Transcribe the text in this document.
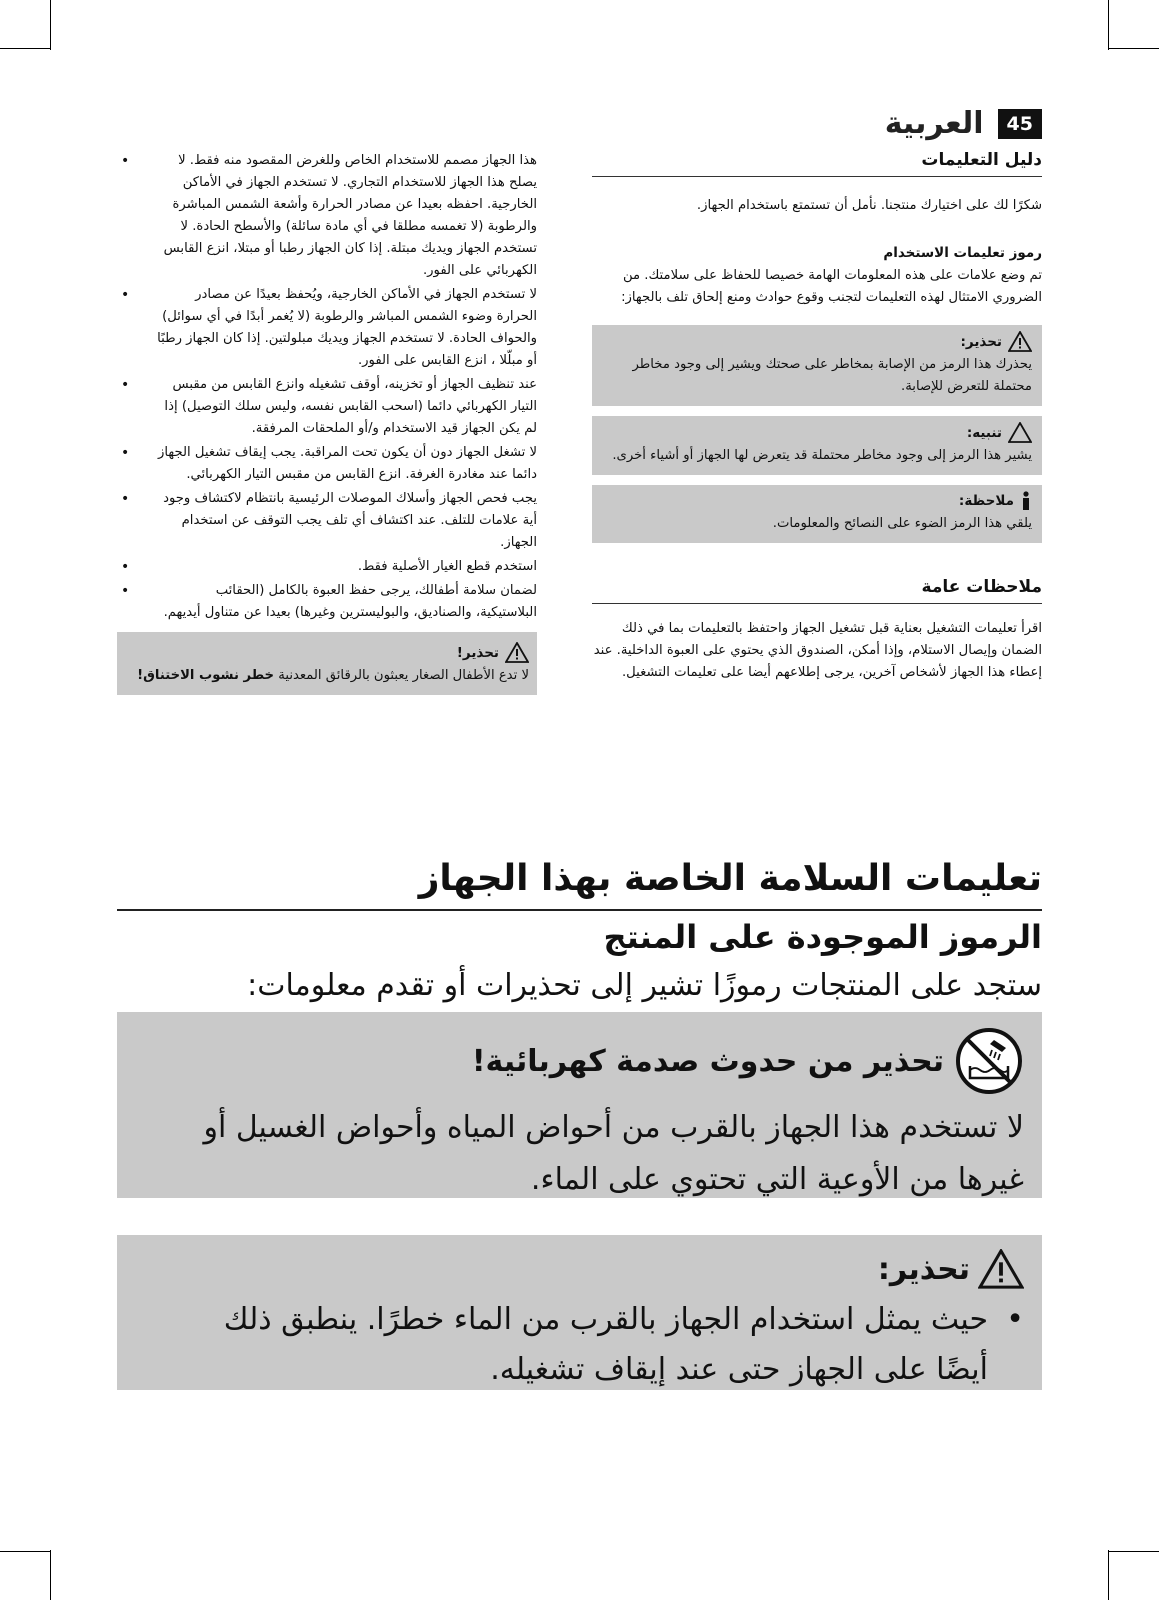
45
العربية
دليل التعليمات

شكرًا لك على اختيارك منتجنا. نأمل أن تستمتع باستخدام الجهاز.

رموز تعليمات الاستخدام

تم وضع علامات على هذه المعلومات الهامة خصيصا للحفاظ على سلامتك. من الضروري الامتثال لهذه التعليمات لتجنب وقوع حوادث ومنع إلحاق تلف بالجهاز:

تحذير:

يحذرك هذا الرمز من الإصابة بمخاطر على صحتك ويشير إلى وجود مخاطر محتملة للتعرض للإصابة.

تنبيه:

يشير هذا الرمز إلى وجود مخاطر محتملة قد يتعرض لها الجهاز أو أشياء أخرى.

ملاحظة:

يلقي هذا الرمز الضوء على النصائح والمعلومات.

ملاحظات عامة

اقرأ تعليمات التشغيل بعناية قبل تشغيل الجهاز واحتفظ بالتعليمات بما في ذلك الضمان وإيصال الاستلام، وإذا أمكن، الصندوق الذي يحتوي على العبوة الداخلية. عند إعطاء هذا الجهاز لأشخاص آخرين، يرجى إطلاعهم أيضا على تعليمات التشغيل.

• هذا الجهاز مصمم للاستخدام الخاص وللغرض المقصود منه فقط. لا يصلح هذا الجهاز للاستخدام التجاري. لا تستخدم الجهاز في الأماكن الخارجية. احفظه بعيدا عن مصادر الحرارة وأشعة الشمس المباشرة والرطوبة (لا تغمسه مطلقا في أي مادة سائلة) والأسطح الحادة. لا تستخدم الجهاز ويديك مبتلة. إذا كان الجهاز رطبا أو مبتلا، انزع القابس الكهربائي على الفور.
• لا تستخدم الجهاز في الأماكن الخارجية، ويُحفظ بعيدًا عن مصادر الحرارة وضوء الشمس المباشر والرطوبة (لا يُغمر أبدًا في أي سوائل) والحواف الحادة. لا تستخدم الجهاز ويديك مبلولتين. إذا كان الجهاز رطبًا أو مبلّلا ، انزع القابس على الفور.
• عند تنظيف الجهاز أو تخزينه، أوقف تشغيله وانزع القابس من مقبس التيار الكهربائي دائما (اسحب القابس نفسه، وليس سلك التوصيل) إذا لم يكن الجهاز قيد الاستخدام و/أو الملحقات المرفقة.
• لا تشغل الجهاز دون أن يكون تحت المراقبة. يجب إيقاف تشغيل الجهاز دائما عند مغادرة الغرفة. انزع القابس من مقبس التيار الكهربائي.
• يجب فحص الجهاز وأسلاك الموصلات الرئيسية بانتظام لاكتشاف وجود أية علامات للتلف. عند اكتشاف أي تلف يجب التوقف عن استخدام الجهاز.
• استخدم قطع الغيار الأصلية فقط.
• لضمان سلامة أطفالك، يرجى حفظ العبوة بالكامل (الحقائب البلاستيكية، والصناديق، والبوليسترين وغيرها) بعيدا عن متناول أيديهم.
تحذير!

لا تدع الأطفال الصغار يعبثون بالرقائق المعدنية خطر نشوب الاختناق!

تعليمات السلامة الخاصة بهذا الجهاز
الرموز الموجودة على المنتج

ستجد على المنتجات رموزًا تشير إلى تحذيرات أو تقدم معلومات:

تحذير من حدوث صدمة كهربائية!

لا تستخدم هذا الجهاز بالقرب من أحواض المياه وأحواض الغسيل أو غيرها من الأوعية التي تحتوي على الماء.

تحذير:
• حيث يمثل استخدام الجهاز بالقرب من الماء خطرًا. ينطبق ذلك أيضًا على الجهاز حتى عند إيقاف تشغيله.
